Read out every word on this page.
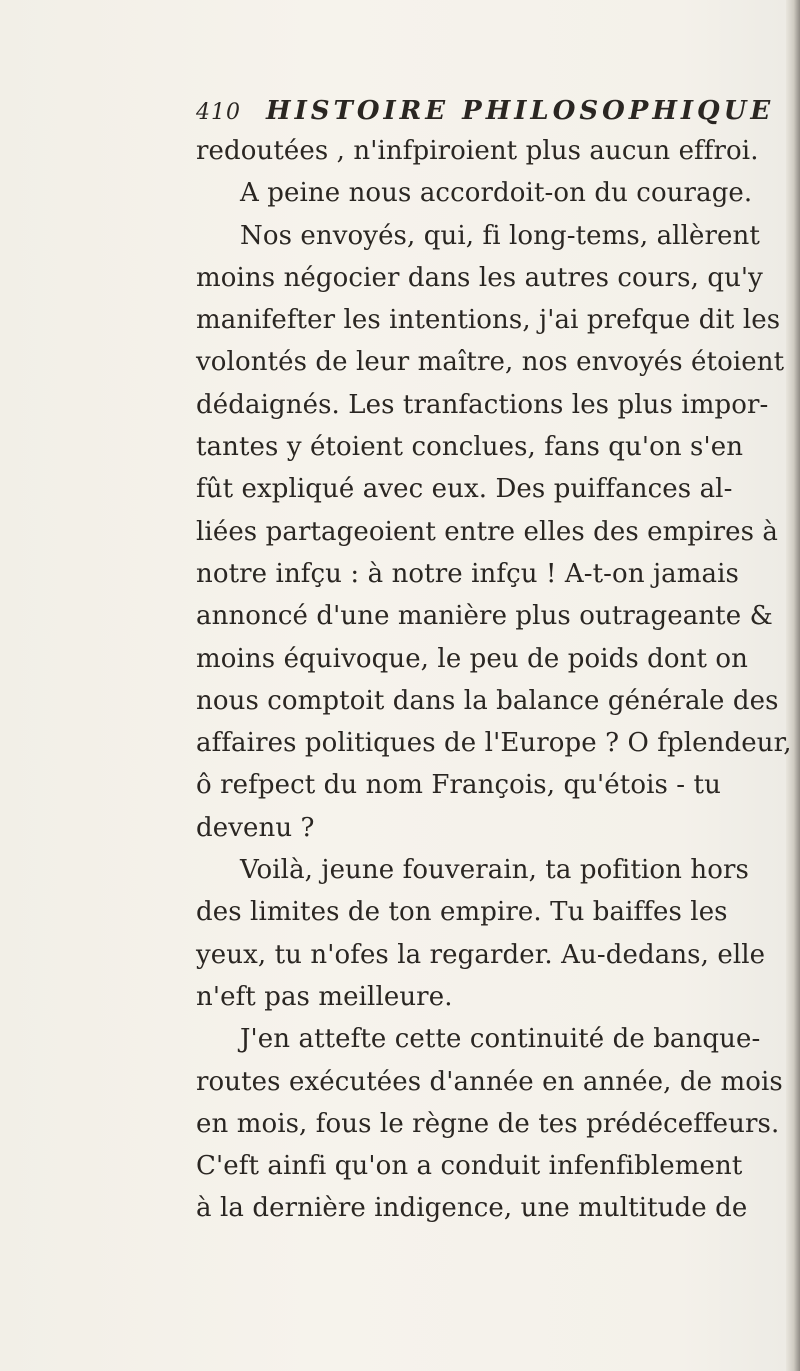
410 HISTOIRE PHILOSOPHIQUE
redoutées , n'infpiroient plus aucun effroi.
A peine nous accordoit-on du courage.
Nos envoyés, qui, fi long-tems, allèrent
moins négocier dans les autres cours, qu'y
manifefter les intentions, j'ai prefque dit les
volontés de leur maître, nos envoyés étoient
dédaignés. Les tranfactions les plus impor-
tantes y étoient conclues, fans qu'on s'en
fût expliqué avec eux. Des puiffances al-
liées partageoient entre elles des empires à
notre infçu : à notre infçu ! A-t-on jamais
annoncé d'une manière plus outrageante &
moins équivoque, le peu de poids dont on
nous comptoit dans la balance générale des
affaires politiques de l'Europe ? O fplendeur,
ô refpect du nom François, qu'étois - tu
devenu ?
Voilà, jeune fouverain, ta pofition hors
des limites de ton empire. Tu baiffes les
yeux, tu n'ofes la regarder. Au-dedans, elle
n'eft pas meilleure.
J'en attefte cette continuité de banque-
routes exécutées d'année en année, de mois
en mois, fous le règne de tes prédéceffeurs.
C'eft ainfi qu'on a conduit infenfiblement
à la dernière indigence, une multitude de
